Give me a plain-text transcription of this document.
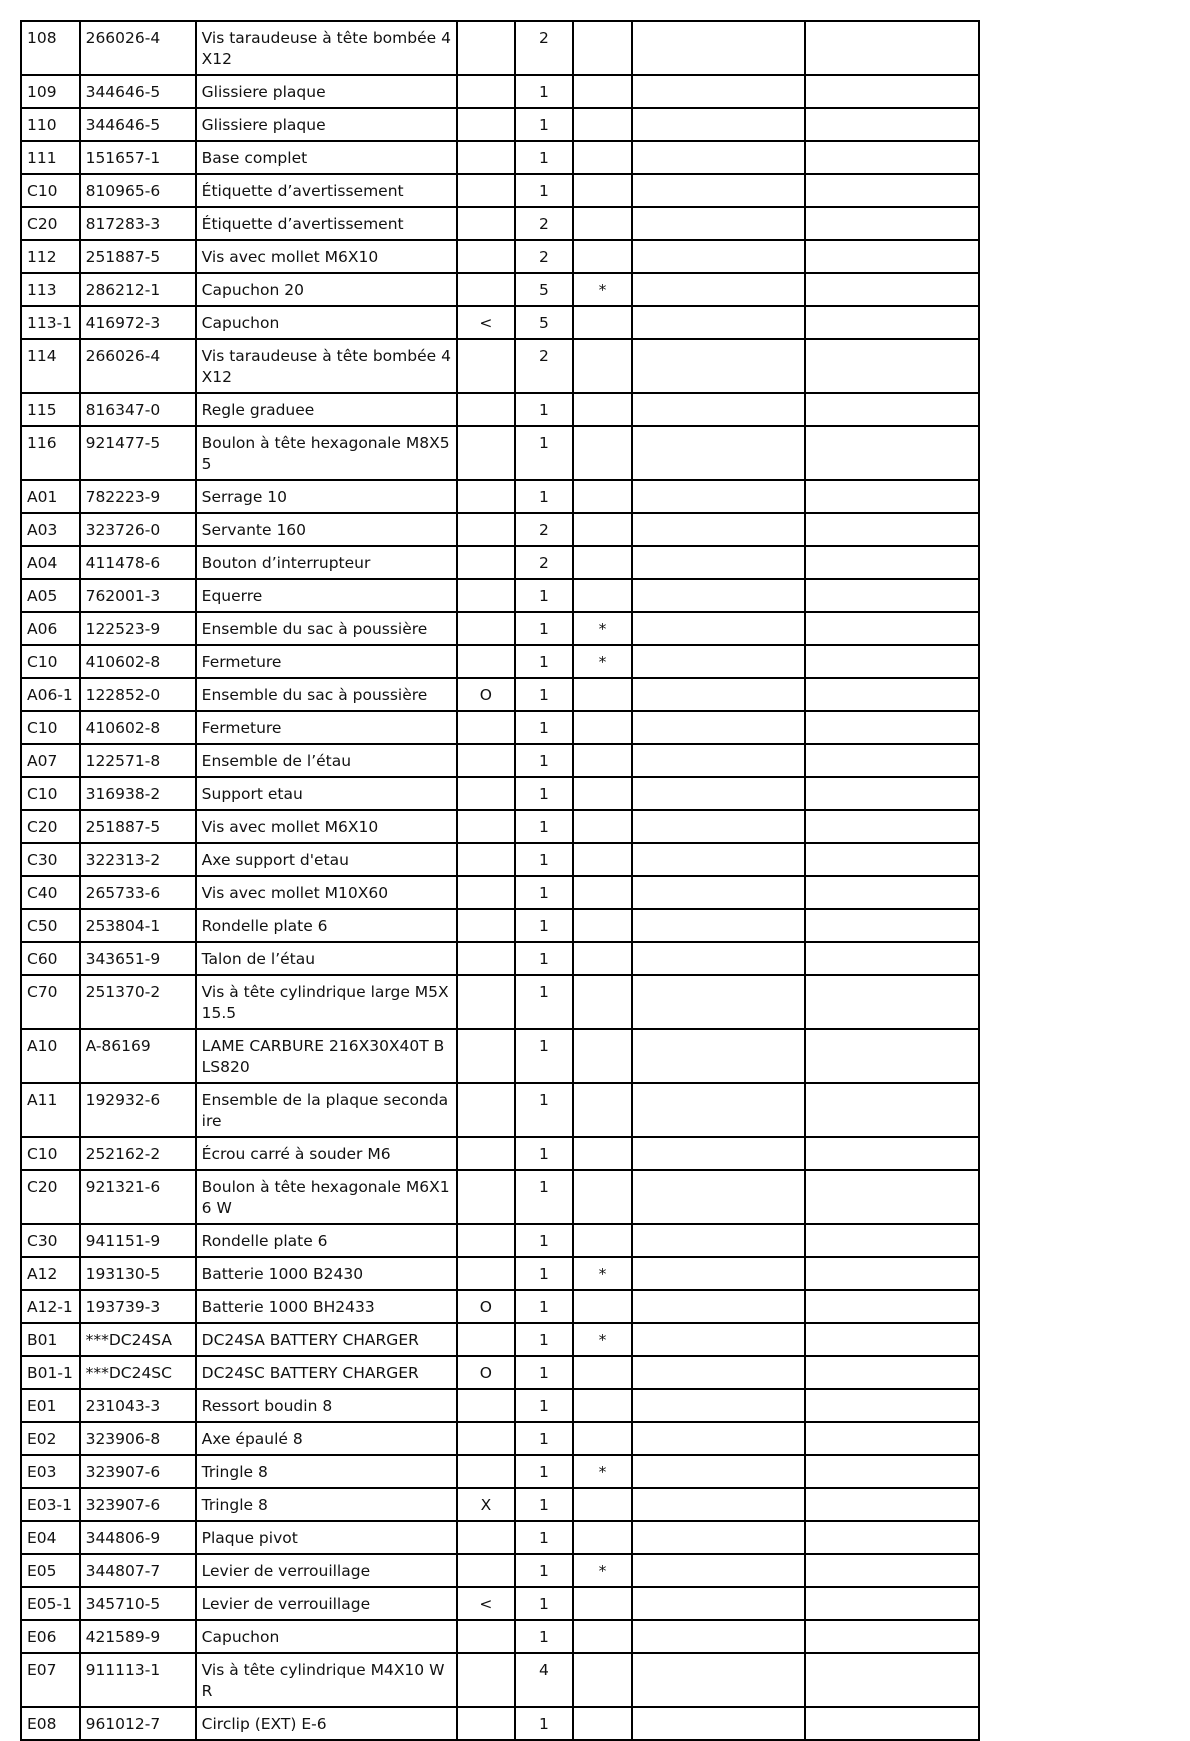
108	266026-4	Vis taraudeuse à tête bombée 4X12		2			
109	344646-5	Glissiere plaque		1			
110	344646-5	Glissiere plaque		1			
111	151657-1	Base complet		1			
C10	810965-6	Étiquette d’avertissement		1			
C20	817283-3	Étiquette d’avertissement		2			
112	251887-5	Vis avec mollet M6X10		2			
113	286212-1	Capuchon 20		5	*		
113-1	416972-3	Capuchon	<	5			
114	266026-4	Vis taraudeuse à tête bombée 4X12		2			
115	816347-0	Regle graduee		1			
116	921477-5	Boulon à tête hexagonale M8X55		1			
A01	782223-9	Serrage 10		1			
A03	323726-0	Servante 160		2			
A04	411478-6	Bouton d’interrupteur		2			
A05	762001-3	Equerre		1			
A06	122523-9	Ensemble du sac à poussière		1	*		
C10	410602-8	Fermeture		1	*		
A06-1	122852-0	Ensemble du sac à poussière	O	1			
C10	410602-8	Fermeture		1			
A07	122571-8	Ensemble de l’étau		1			
C10	316938-2	Support etau		1			
C20	251887-5	Vis avec mollet M6X10		1			
C30	322313-2	Axe support d'etau		1			
C40	265733-6	Vis avec mollet M10X60		1			
C50	253804-1	Rondelle plate 6		1			
C60	343651-9	Talon de l’étau		1			
C70	251370-2	Vis à tête cylindrique large M5X15.5		1			
A10	A-86169	LAME CARBURE 216X30X40T BLS820		1			
A11	192932-6	Ensemble de la plaque secondaire		1			
C10	252162-2	Écrou carré à souder M6		1			
C20	921321-6	Boulon à tête hexagonale M6X16 W		1			
C30	941151-9	Rondelle plate 6		1			
A12	193130-5	Batterie 1000 B2430		1	*		
A12-1	193739-3	Batterie 1000 BH2433	O	1			
B01	***DC24SA	DC24SA BATTERY CHARGER		1	*		
B01-1	***DC24SC	DC24SC BATTERY CHARGER	O	1			
E01	231043-3	Ressort boudin 8		1			
E02	323906-8	Axe épaulé 8		1			
E03	323907-6	Tringle 8		1	*		
E03-1	323907-6	Tringle 8	X	1			
E04	344806-9	Plaque pivot		1			
E05	344807-7	Levier de verrouillage		1	*		
E05-1	345710-5	Levier de verrouillage	<	1			
E06	421589-9	Capuchon		1			
E07	911113-1	Vis à tête cylindrique M4X10 WR		4			
E08	961012-7	Circlip (EXT) E-6		1			
